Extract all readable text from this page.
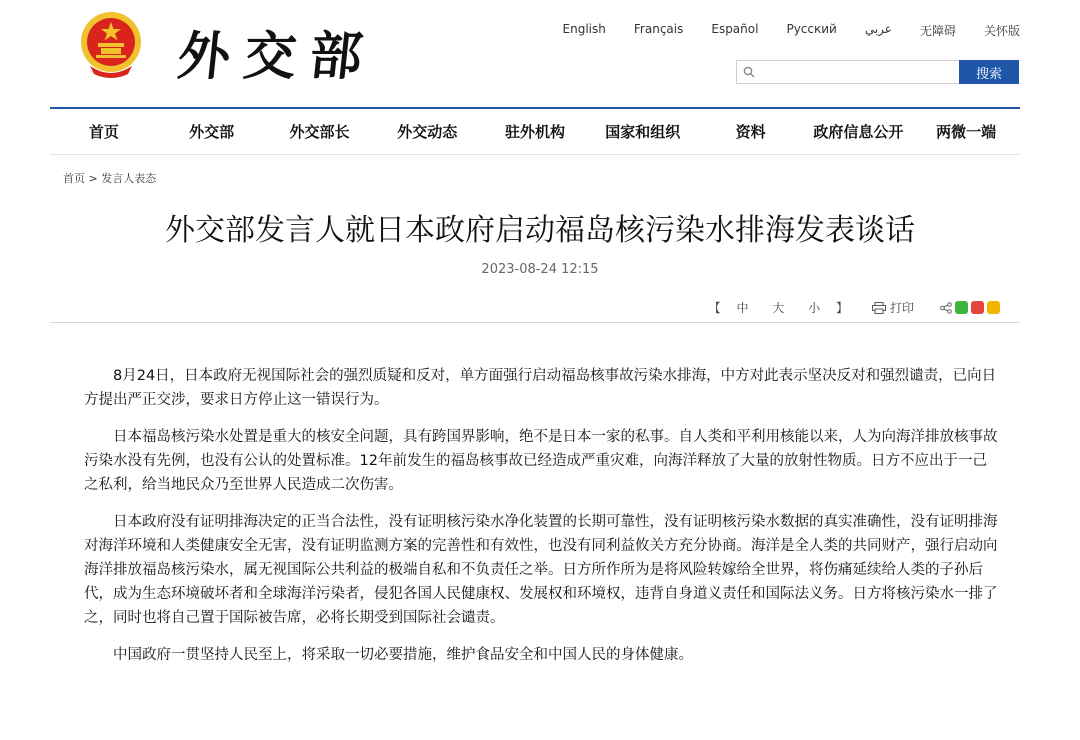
外交部	English Français Español Русский عربي 无障碍 关怀版
搜索
首页	外交部	外交部长	外交动态	驻外机构	国家和组织	资料	政府信息公开	两微一端
首页 > 发言人表态
外交部发言人就日本政府启动福岛核污染水排海发表谈话
2023-08-24 12:15
【 中 大 小 】	打印

8月24日，日本政府无视国际社会的强烈质疑和反对，单方面强行启动福岛核事故污染水排海，中方对此表示坚决反对和强烈谴责，已向日方提出严正交涉，要求日方停止这一错误行为。

日本福岛核污染水处置是重大的核安全问题，具有跨国界影响，绝不是日本一家的私事。自人类和平利用核能以来，人为向海洋排放核事故污染水没有先例，也没有公认的处置标准。12年前发生的福岛核事故已经造成严重灾难，向海洋释放了大量的放射性物质。日方不应出于一己之私利，给当地民众乃至世界人民造成二次伤害。

日本政府没有证明排海决定的正当合法性，没有证明核污染水净化装置的长期可靠性，没有证明核污染水数据的真实准确性，没有证明排海对海洋环境和人类健康安全无害，没有证明监测方案的完善性和有效性，也没有同利益攸关方充分协商。海洋是全人类的共同财产，强行启动向海洋排放福岛核污染水，属无视国际公共利益的极端自私和不负责任之举。日方所作所为是将风险转嫁给全世界，将伤痛延续给人类的子孙后代，成为生态环境破坏者和全球海洋污染者，侵犯各国人民健康权、发展权和环境权，违背自身道义责任和国际法义务。日方将核污染水一排了之，同时也将自己置于国际被告席，必将长期受到国际社会谴责。

中国政府一贯坚持人民至上，将采取一切必要措施，维护食品安全和中国人民的身体健康。
